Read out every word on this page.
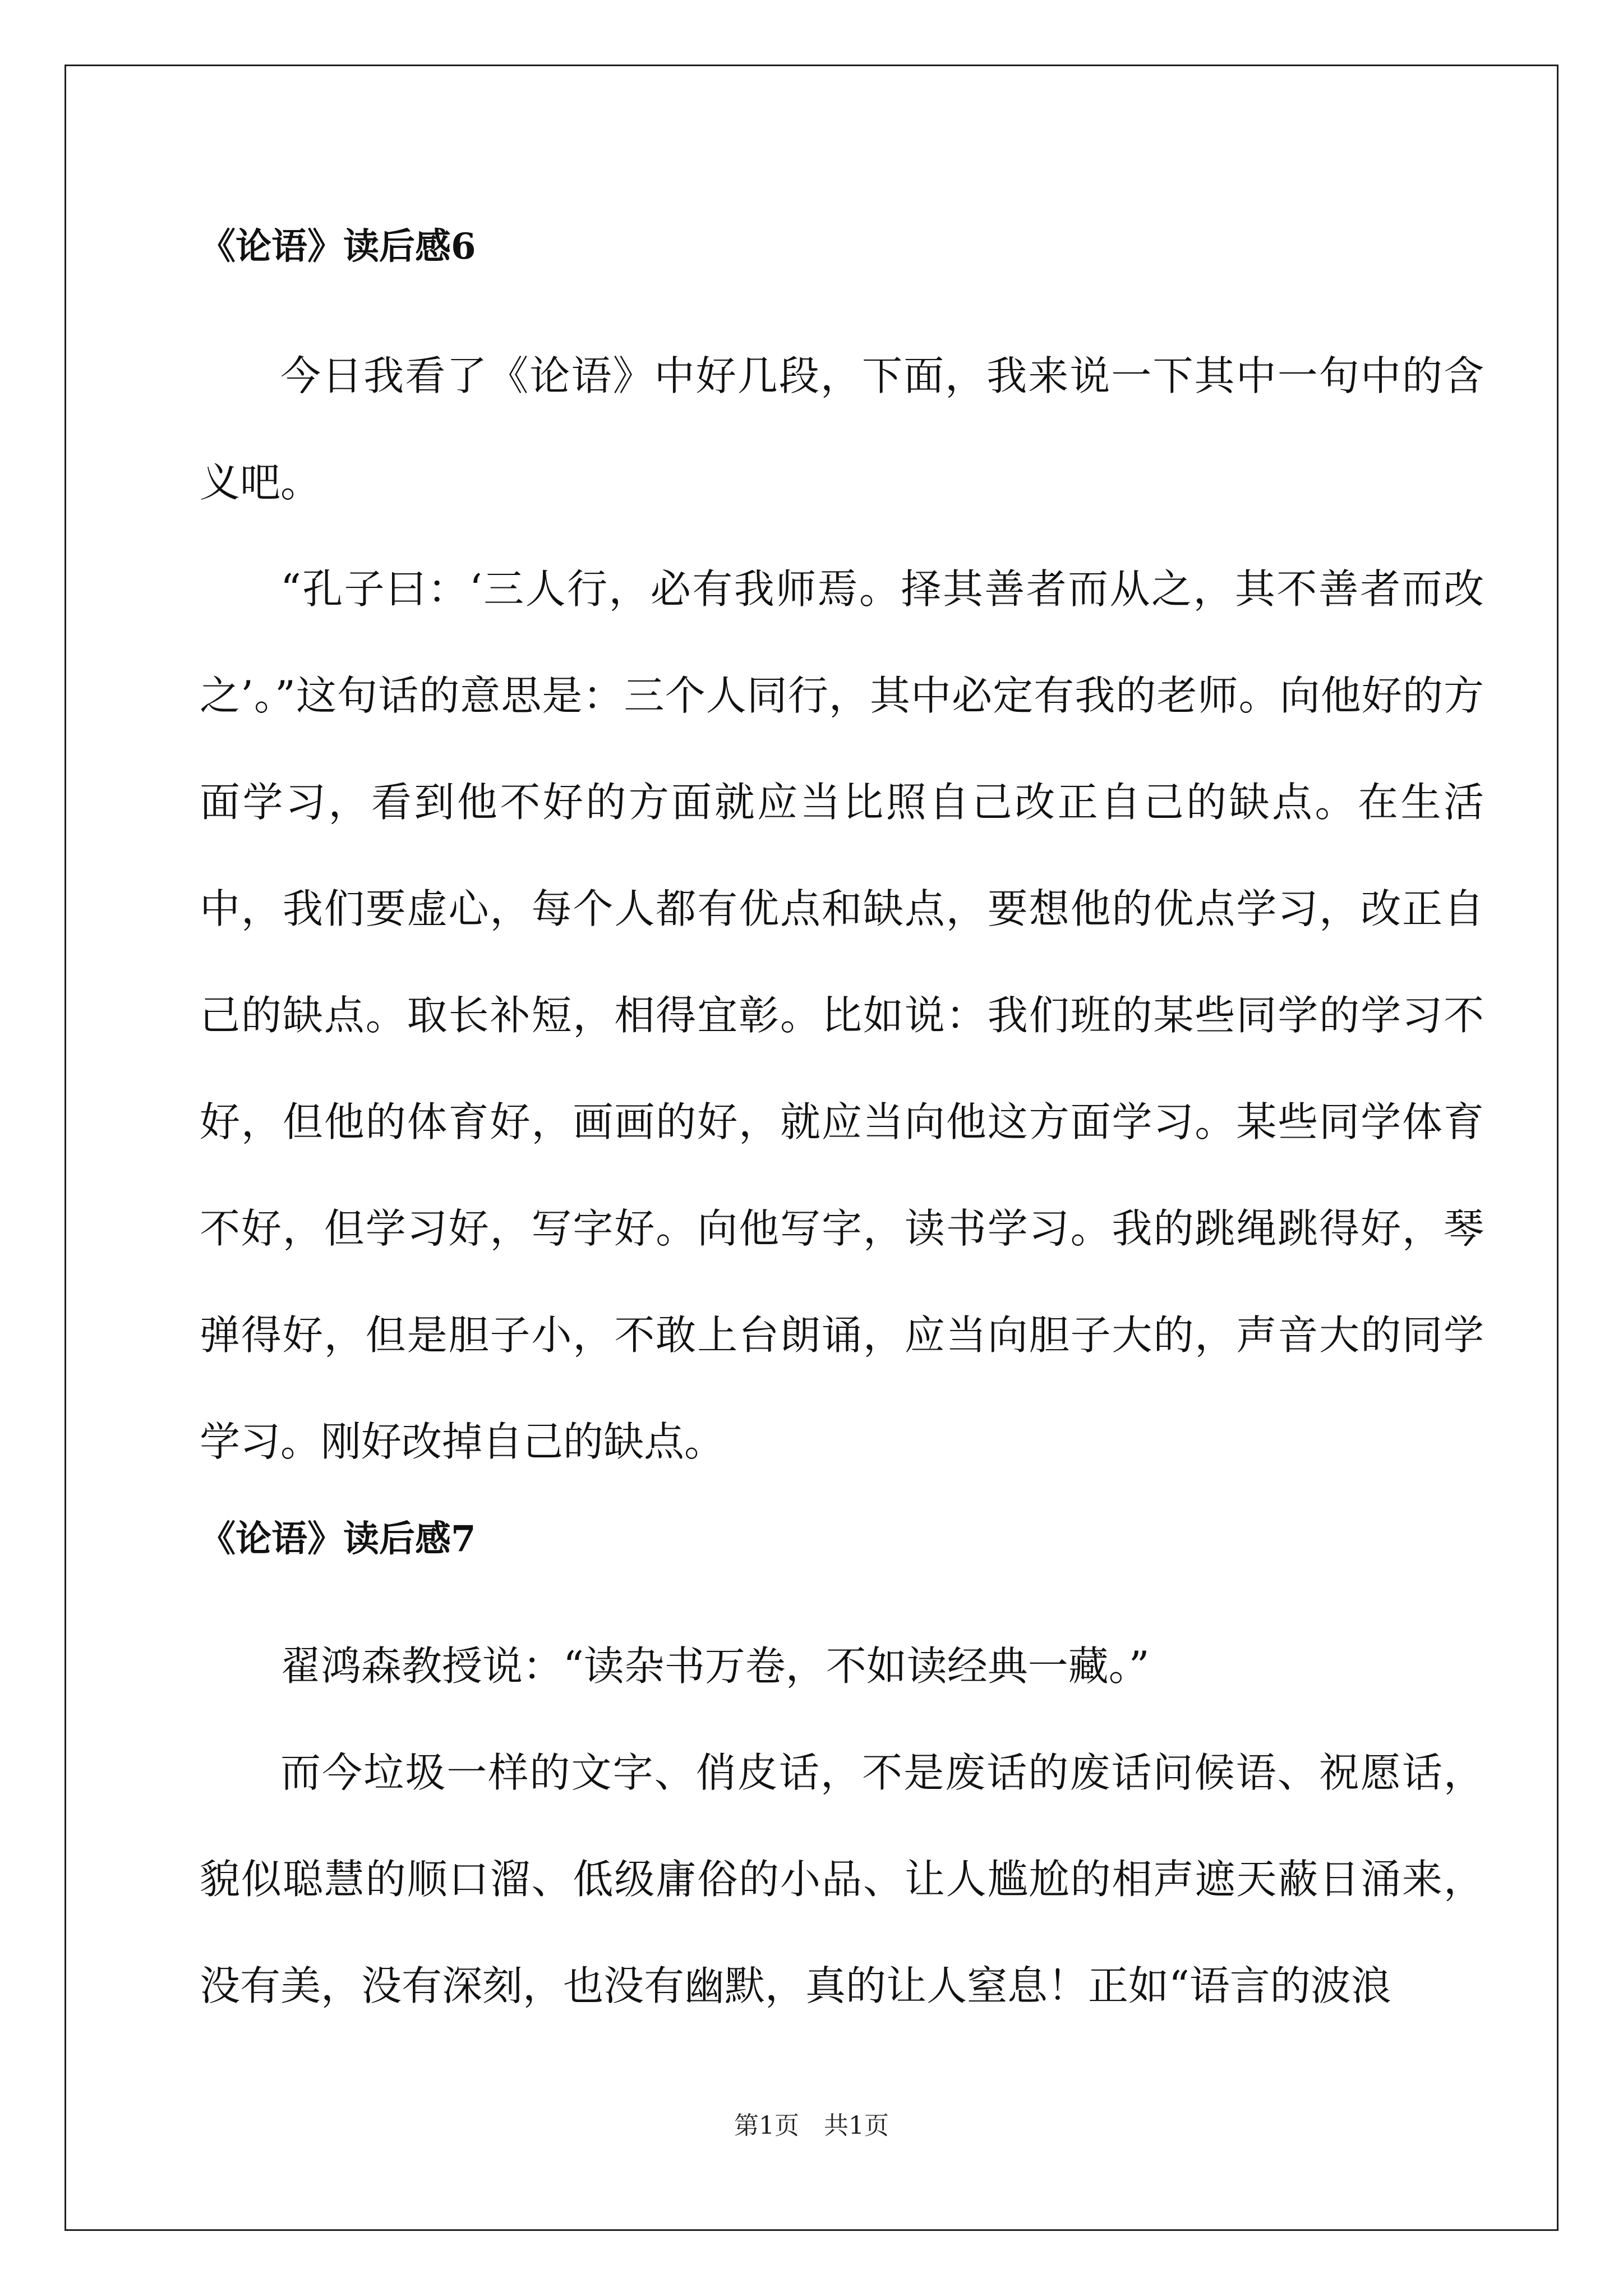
《论语》读后感6

今日我看了《论语》中好几段，下面，我来说一下其中一句中的含义吧。

“孔子曰：‘三人行，必有我师焉。择其善者而从之，其不善者而改之’。”这句话的意思是：三个人同行，其中必定有我的老师。向他好的方面学习，看到他不好的方面就应当比照自己改正自己的缺点。在生活中，我们要虚心，每个人都有优点和缺点，要想他的优点学习，改正自己的缺点。取长补短，相得宜彰。比如说：我们班的某些同学的学习不好，但他的体育好，画画的好，就应当向他这方面学习。某些同学体育不好，但学习好，写字好。向他写字，读书学习。我的跳绳跳得好，琴弹得好，但是胆子小，不敢上台朗诵，应当向胆子大的，声音大的同学学习。刚好改掉自己的缺点。

《论语》读后感7

翟鸿森教授说：“读杂书万卷，不如读经典一藏。”

而今垃圾一样的文字、俏皮话，不是废话的废话问候语、祝愿话，貌似聪慧的顺口溜、低级庸俗的小品、让人尴尬的相声遮天蔽日涌来，没有美，没有深刻，也没有幽默，真的让人窒息！正如“语言的波浪

第1页　共1页
